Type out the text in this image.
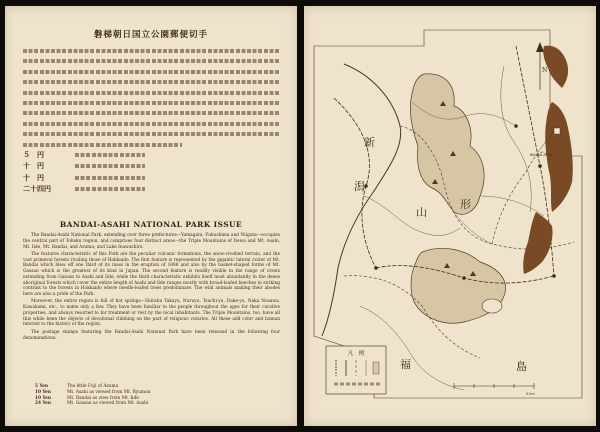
磐梯朝日国立公園郵便切手
５　円
十　円
十　円
二十四円
BANDAI-ASAHI NATIONAL PARK ISSUE

The Bandai-Asahi National Park, extending over three prefectures—Yamagata, Fukushima and Niigata—occupies the central part of Tohoku region, and comprises four distinct areas—the Triple Mountains of Dewa and Mt. Asahi, Mt. Iide, Mt. Bandai, and Azuma; and Lake Inawashiro.

The features characteristic of this Park are the peculiar volcanic formations, the snow-crushed terrain, and the vast primeval forests rivaling those of Hokkaido. The first feature is represented by the gigantic lateral crater of Mt. Bandai which blew off one third of its mass in the eruption of 1888 and also by the basket-shaped forms of Mt. Gassan which is the greatest of its kind in Japan. The second feature is readily visible in the range of crests extending from Gassan to Asahi and Iide, while the third characteristic exhibits itself most abundantly in the dense aboriginal forests which cover the entire length of Asahi and Iide ranges mostly with broad-leafed beeches in striking contrast to the forests in Hokkaido where needle-leafed trees predominate. The wild animals making their abodes here are also a pride of the Park.

Moreover, the entire region is full of hot springs—Shirabu Takayu, Nuruyu, Tsuchi-yu, Dake-yu, Naka Nosawa, Kawakami, etc., to name only a few. They have been familiar to the people throughout the ages for their curative properties, and always resorted to for treatment or rest by the local inhabitants. The Triple Mountains, too, have all this while been the objects of devotional climbing on the part of religious votaries. All these add color and human interest to the history of the region.

The postage stamps featuring the Bandai-Asahi National Park have been released in the following four denominations:

5 Yen	The little Fuji of Azuma
10 Yen	Mt. Asahi as viewed from Mt. Ryumon
10 Yen	Mt. Bandai as view from Mt. Iide
24 Yen	Mt. Gassan as viewed from Mt. Asahi
N
BANDAI-ASAHI
新
潟
山
形
福	島
凡　例
0 km
